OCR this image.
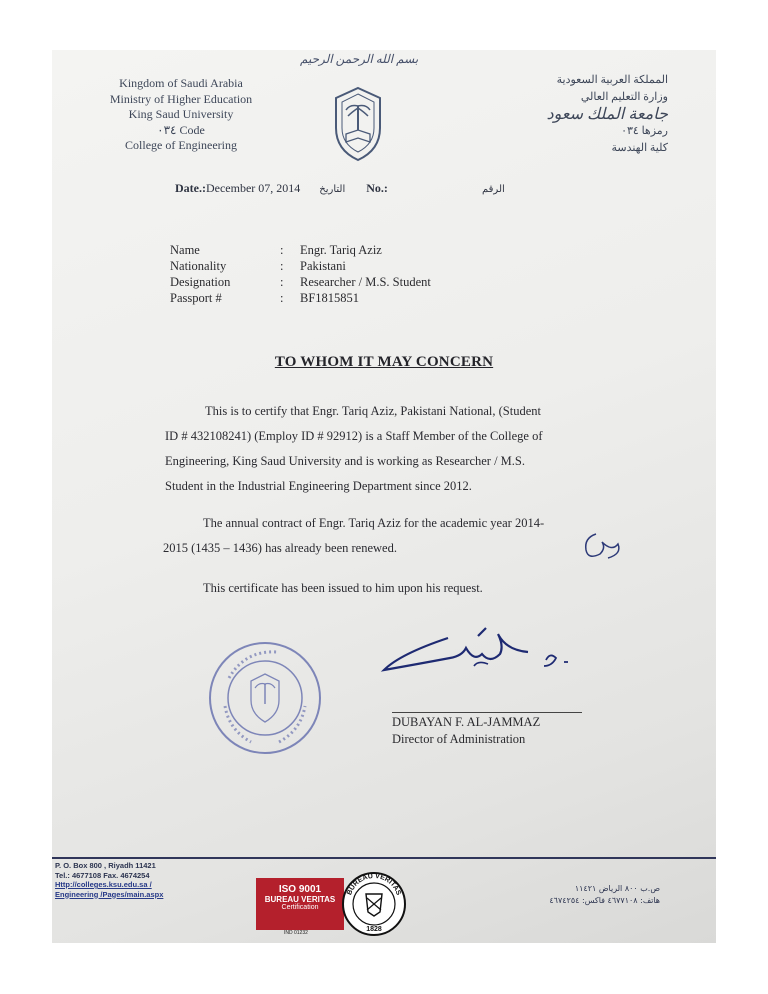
بسم الله الرحمن الرحيم
Kingdom of Saudi Arabia
Ministry of Higher Education
King Saud University
٠٣٤ Code
College of Engineering
المملكة العربية السعودية
وزارة التعليم العالي
جامعة الملك سعود
رمزها ٠٣٤
كلية الهندسة
Date.:December 07, 2014 التاريخ No.:	الرقم
Name	:	Engr. Tariq Aziz
Nationality	:	Pakistani
Designation	:	Researcher / M.S. Student
Passport #	:	BF1815851
TO WHOM IT MAY CONCERN
This is to certify that Engr. Tariq Aziz, Pakistani National, (Student
ID # 432108241) (Employ ID # 92912) is a Staff Member of the College of
Engineering, King Saud University and is working as Researcher / M.S.
Student in the Industrial Engineering Department since 2012.
The annual contract of Engr. Tariq Aziz for the academic year 2014-
2015 (1435 – 1436) has already been renewed.
This certificate has been issued to him upon his request.
DUBAYAN F. AL-JAMMAZ
Director of Administration
P. O. Box 800 , Riyadh 11421
Tel.: 4677108 Fax. 4674254
Http://colleges.ksu.edu.sa /
Engineering /Pages/main.aspx	ISO 9001
BUREAU VERITAS
Certification
IND 01232
BUREAU VERITAS
1828
ص.ب ٨٠٠ الرياض ١١٤٢١
هاتف: ٤٦٧٧١٠٨ فاكس: ٤٦٧٤٢٥٤
